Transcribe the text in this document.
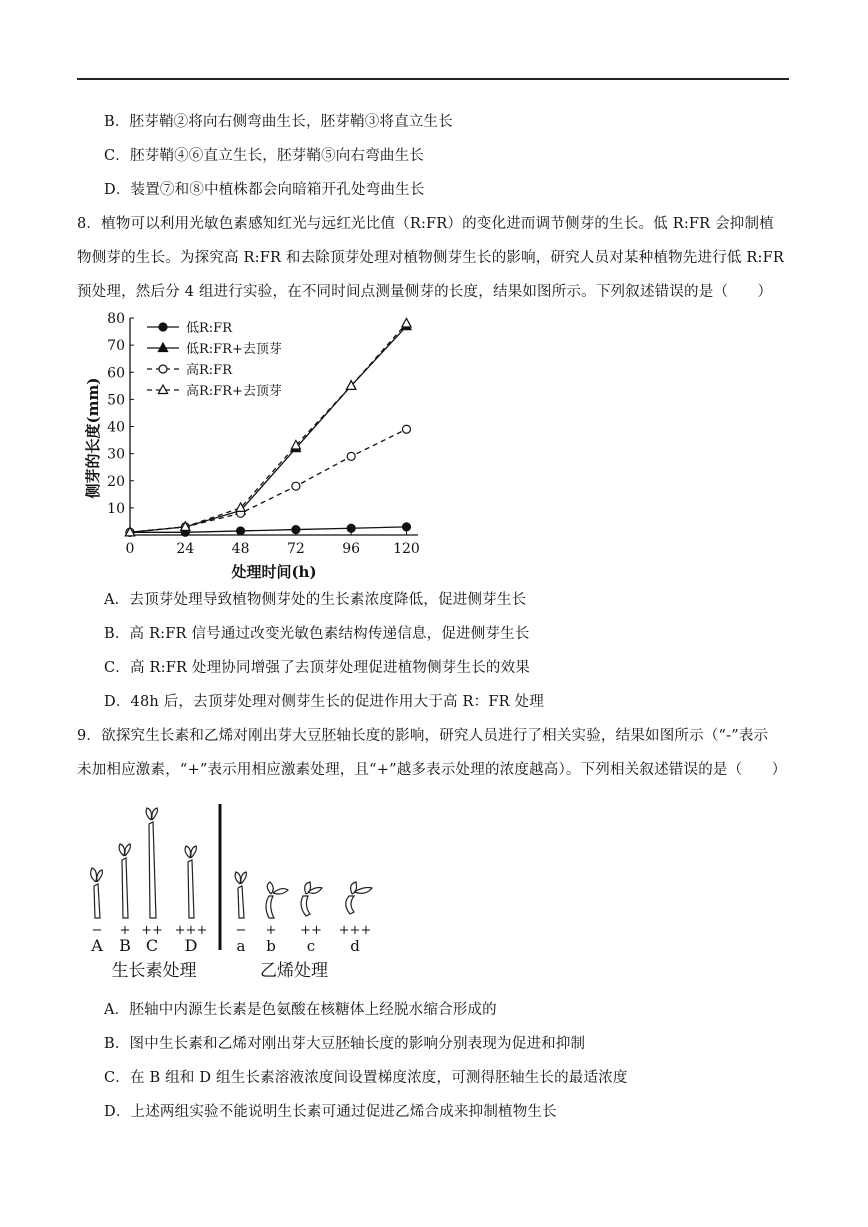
B．胚芽鞘②将向右侧弯曲生长，胚芽鞘③将直立生长
C．胚芽鞘④⑥直立生长，胚芽鞘⑤向右弯曲生长
D．装置⑦和⑧中植株都会向暗箱开孔处弯曲生长
8．植物可以利用光敏色素感知红光与远红光比值（R:FR）的变化进而调节侧芽的生长。低 R:FR 会抑制植
物侧芽的生长。为探究高 R:FR 和去除顶芽处理对植物侧芽生长的影响，研究人员对某种植物先进行低 R:FR
预处理，然后分 4 组进行实验，在不同时间点测量侧芽的长度，结果如图所示。下列叙述错误的是（　　）
0	24	48	72	96 120
10
20
30
40
50
60
70
80
低R:FR
低R:FR+去顶芽
高R:FR
高R:FR+去顶芽
侧芽的长度(mm)
处理时间(h)
A．去顶芽处理导致植物侧芽处的生长素浓度降低，促进侧芽生长
B．高 R:FR 信号通过改变光敏色素结构传递信息，促进侧芽生长
C．高 R:FR 处理协同增强了去顶芽处理促进植物侧芽生长的效果
D．48h 后，去顶芽处理对侧芽生长的促进作用大于高 R：FR 处理
9．欲探究生长素和乙烯对刚出芽大豆胚轴长度的影响，研究人员进行了相关实验，结果如图所示（“-”表示
未加相应激素，“+”表示用相应激素处理，且“+”越多表示处理的浓度越高）。下列相关叙述错误的是（　　）
−
A
+
B
++
C
+++
D
−
a
+
b
++
c
+++
d
生长素处理	乙烯处理
A．胚轴中内源生长素是色氨酸在核糖体上经脱水缩合形成的
B．图中生长素和乙烯对刚出芽大豆胚轴长度的影响分别表现为促进和抑制
C．在 B 组和 D 组生长素溶液浓度间设置梯度浓度，可测得胚轴生长的最适浓度
D．上述两组实验不能说明生长素可通过促进乙烯合成来抑制植物生长
